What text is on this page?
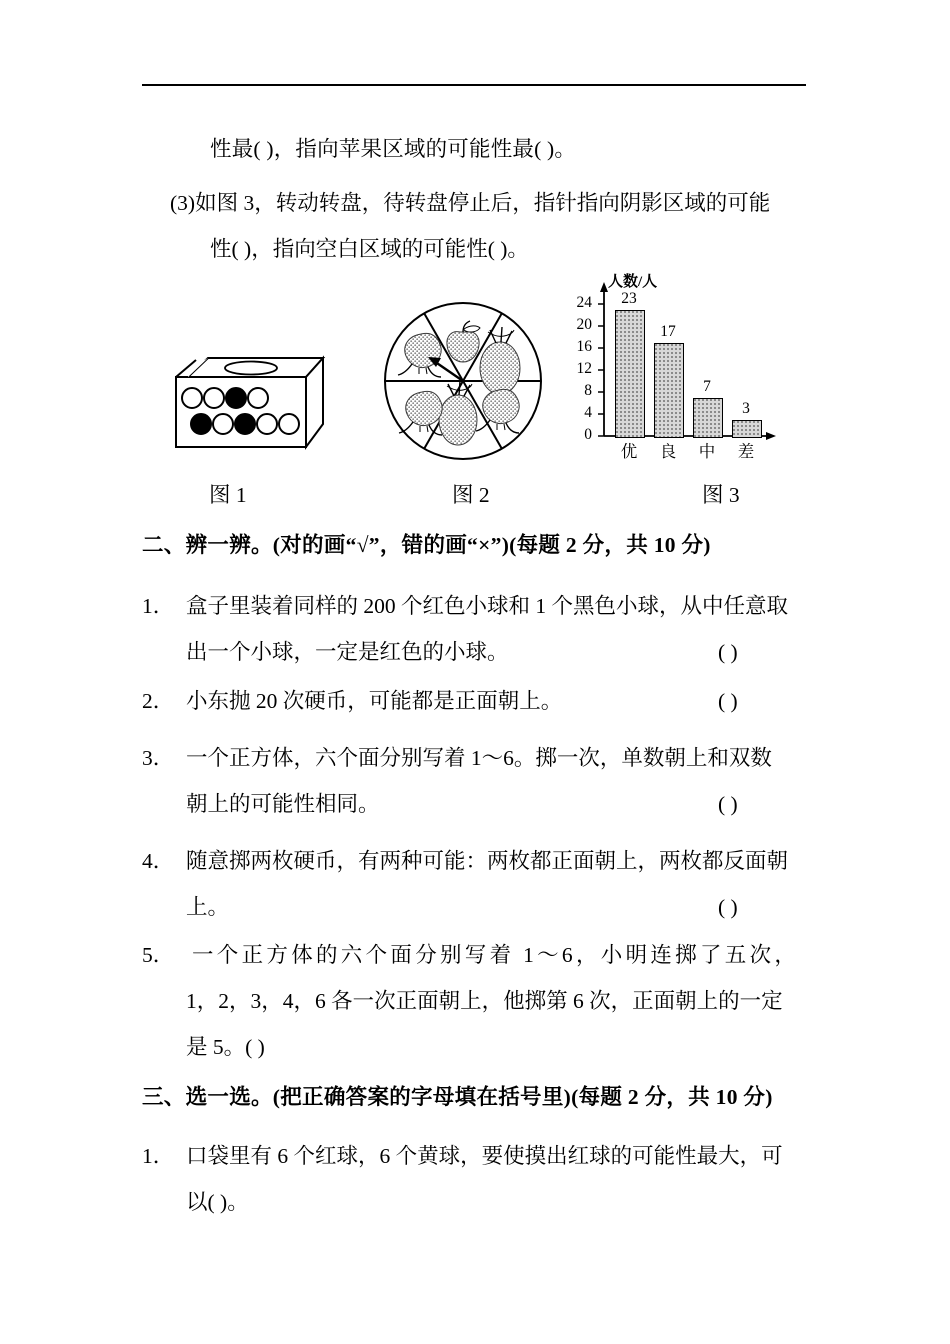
性最( )，指向苹果区域的可能性最( )。
(3)如图 3，转动转盘，待转盘停止后，指针指向阴影区域的可能
性( )，指向空白区域的可能性( )。
人数/人
0
4
8
12
16
20
24	23
17
7
3
优	良	中	差
图 1	图 2	图 3
二、辨一辨。(对的画“√”，错的画“×”)(每题 2 分，共 10 分)
1． 盒子里装着同样的 200 个红色小球和 1 个黑色小球，从中任意取
出一个小球，一定是红色的小球。	( )
2． 小东抛 20 次硬币，可能都是正面朝上。	( )
3． 一个正方体，六个面分别写着 1～6。掷一次，单数朝上和双数
朝上的可能性相同。	( )
4． 随意掷两枚硬币，有两种可能：两枚都正面朝上，两枚都反面朝
上。	( )
5． 一个正方体的六个面分别写着 1～6，小明连掷了五次，
1，2，3，4，6 各一次正面朝上，他掷第 6 次，正面朝上的一定
是 5。( )
三、选一选。(把正确答案的字母填在括号里)(每题 2 分，共 10 分)
1． 口袋里有 6 个红球，6 个黄球，要使摸出红球的可能性最大，可
以( )。
